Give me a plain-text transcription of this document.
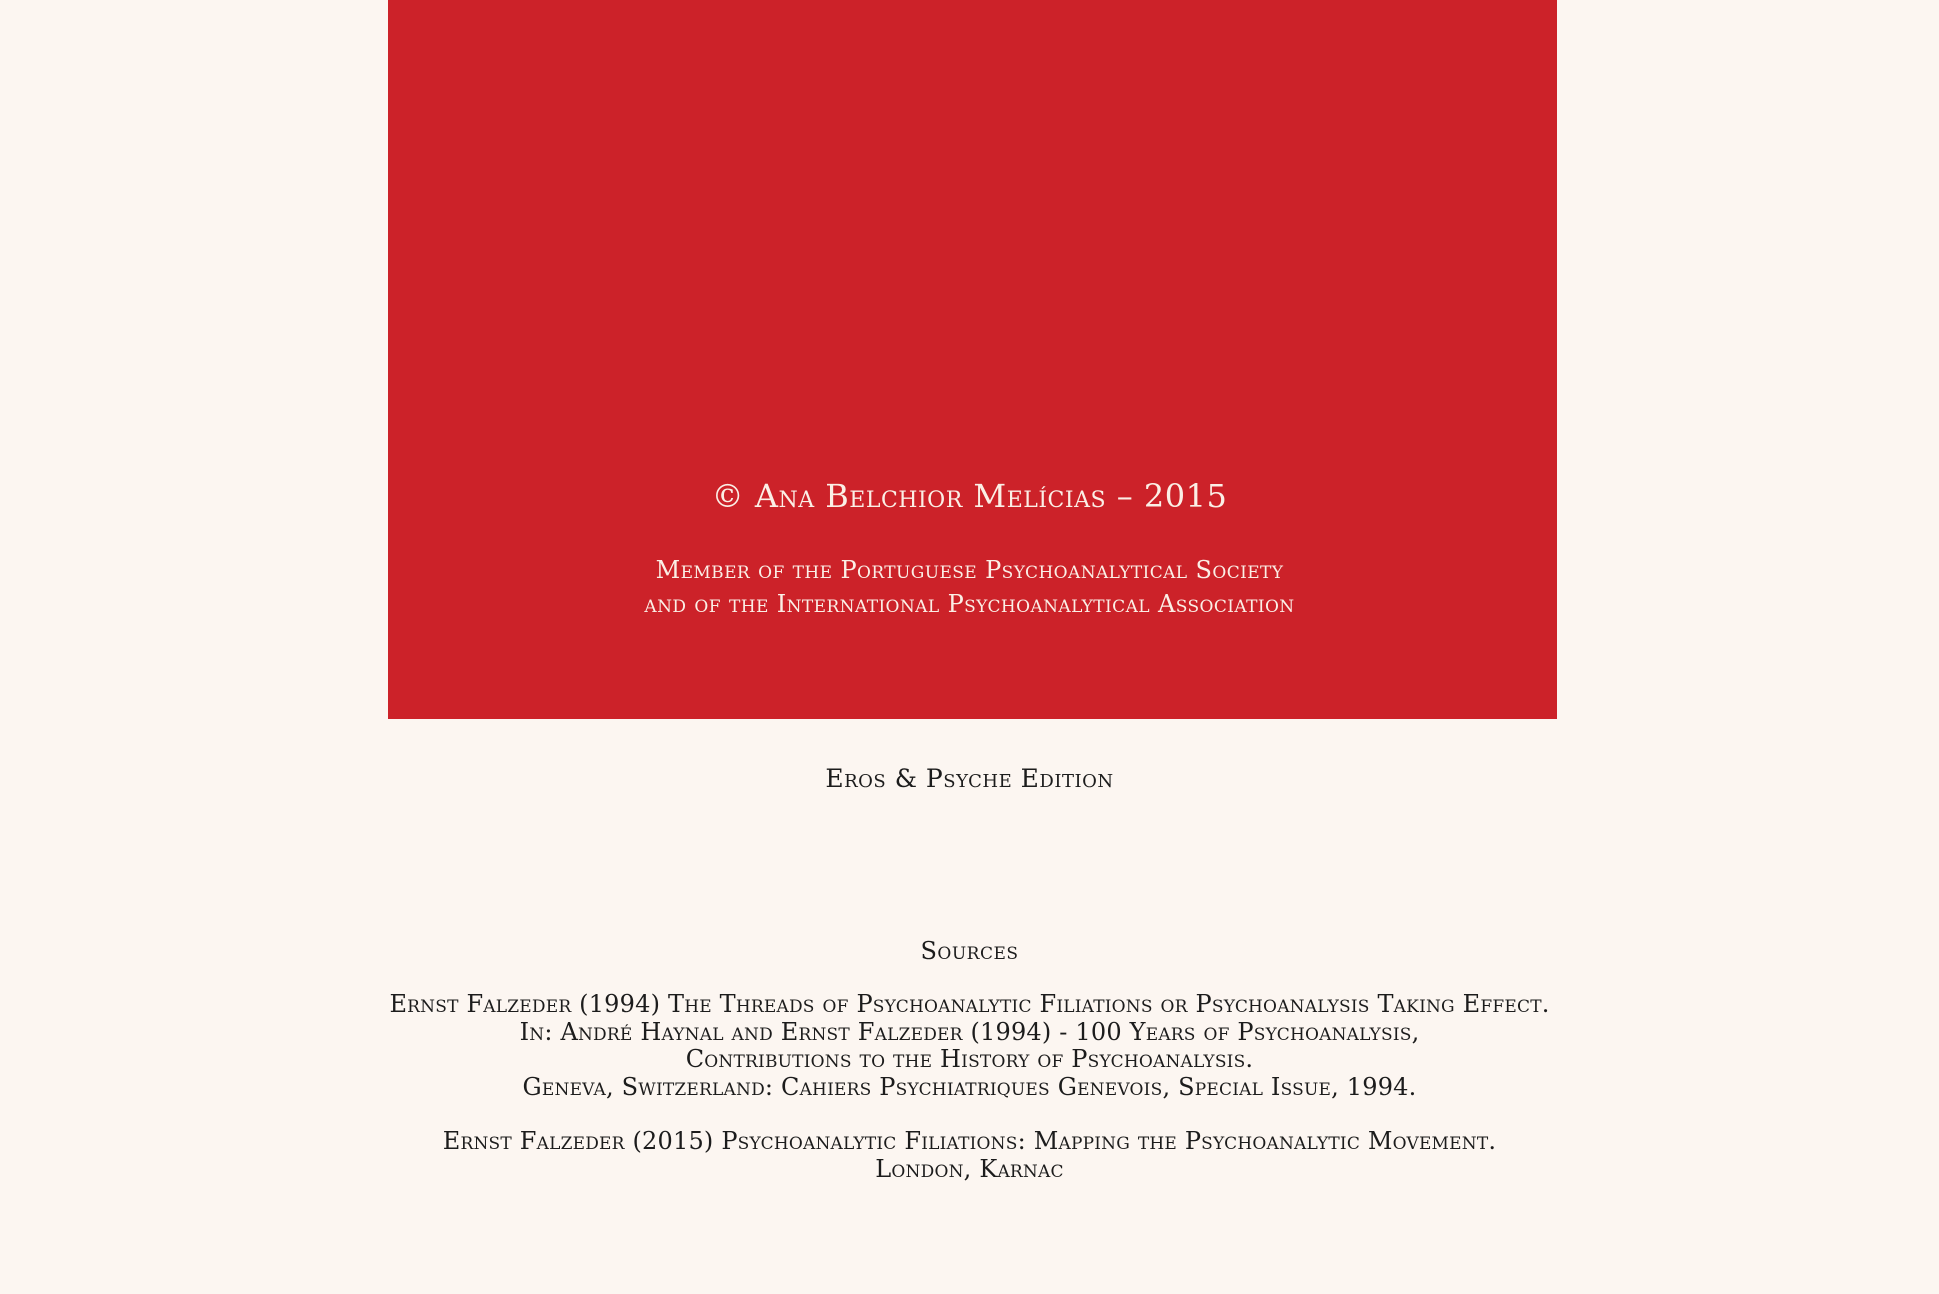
© Ana Belchior Melícias – 2015
Member of the Portuguese Psychoanalytical Society
and of the International Psychoanalytical Association
Eros & Psyche Edition
Sources
Ernst Falzeder (1994) The Threads of Psychoanalytic Filiations or Psychoanalysis Taking Effect.
In: André Haynal and Ernst Falzeder (1994) - 100 Years of Psychoanalysis,
Contributions to the History of Psychoanalysis.
Geneva, Switzerland: Cahiers Psychiatriques Genevois, Special Issue, 1994.
Ernst Falzeder (2015) Psychoanalytic Filiations: Mapping the Psychoanalytic Movement.
London, Karnac
